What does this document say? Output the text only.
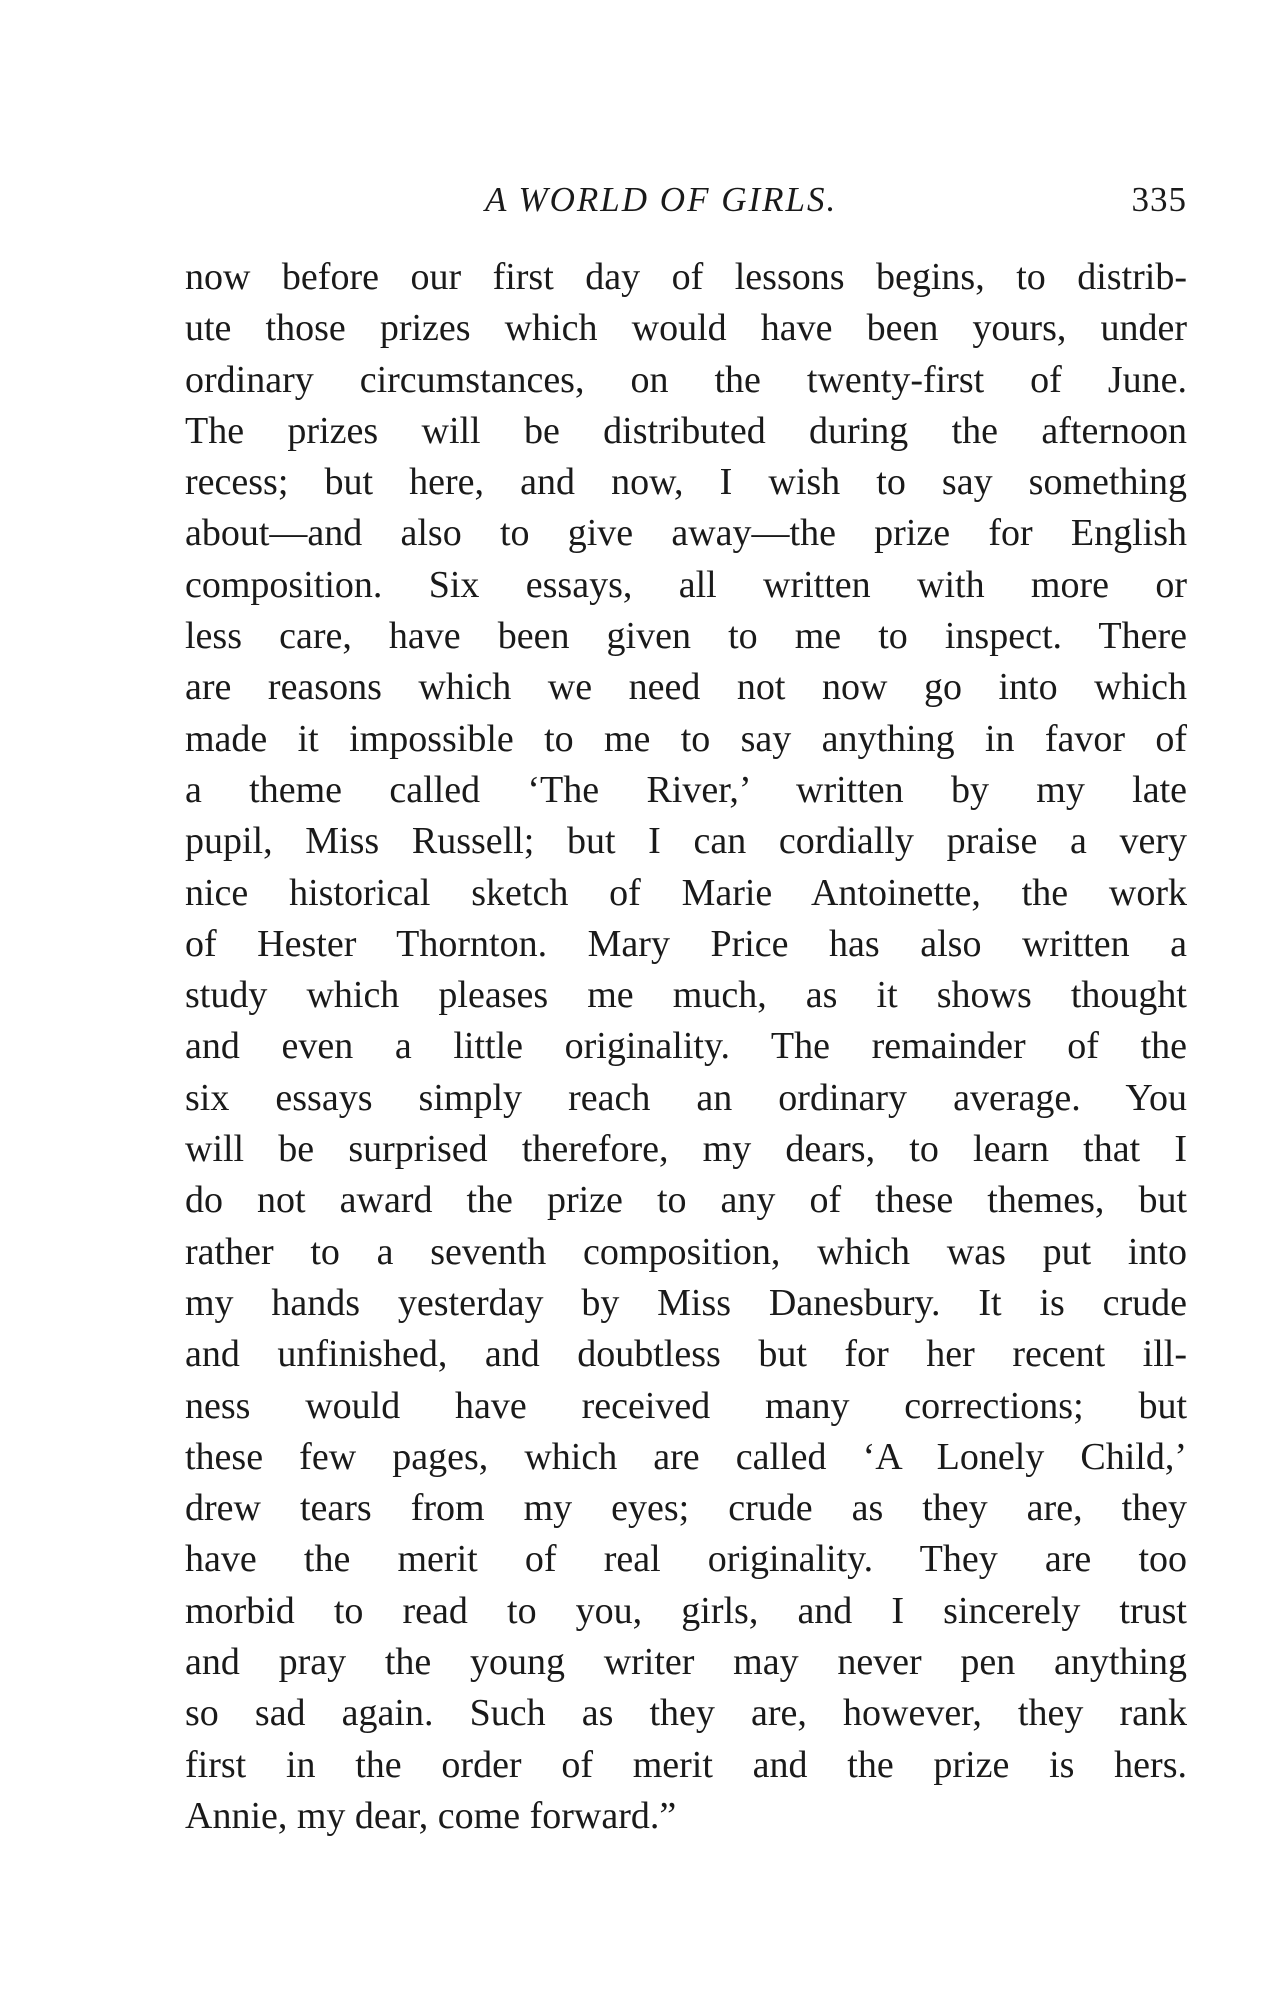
A WORLD OF GIRLS.	335
now before our first day of lessons begins, to distrib-
ute those prizes which would have been yours, under
ordinary circumstances, on the twenty-first of June.
The prizes will be distributed during the afternoon
recess; but here, and now, I wish to say something
about—and also to give away—the prize for English
composition. Six essays, all written with more or
less care, have been given to me to inspect. There
are reasons which we need not now go into which
made it impossible to me to say anything in favor of
a theme called ‘The River,’ written by my late
pupil, Miss Russell; but I can cordially praise a very
nice historical sketch of Marie Antoinette, the work
of Hester Thornton. Mary Price has also written a
study which pleases me much, as it shows thought
and even a little originality. The remainder of the
six essays simply reach an ordinary average. You
will be surprised therefore, my dears, to learn that I
do not award the prize to any of these themes, but
rather to a seventh composition, which was put into
my hands yesterday by Miss Danesbury. It is crude
and unfinished, and doubtless but for her recent ill-
ness would have received many corrections; but
these few pages, which are called ‘A Lonely Child,’
drew tears from my eyes; crude as they are, they
have the merit of real originality. They are too
morbid to read to you, girls, and I sincerely trust
and pray the young writer may never pen anything
so sad again. Such as they are, however, they rank
first in the order of merit and the prize is hers.
Annie, my dear, come forward.”
